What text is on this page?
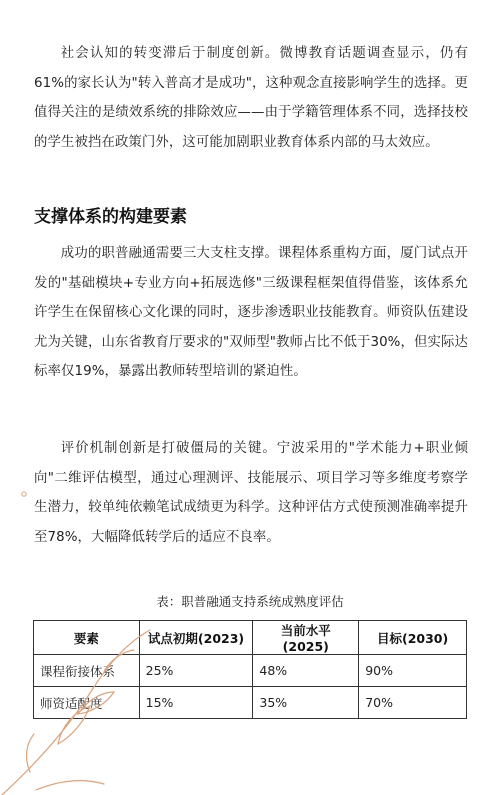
社会认知的转变滞后于制度创新。微博教育话题调查显示，仍有61%的家长认为"转入普高才是成功"，这种观念直接影响学生的选择。更值得关注的是绩效系统的排除效应——由于学籍管理体系不同，选择技校的学生被挡在政策门外，这可能加剧职业教育体系内部的马太效应。

支撑体系的构建要素

成功的职普融通需要三大支柱支撑。课程体系重构方面，厦门试点开发的"基础模块+专业方向+拓展选修"三级课程框架值得借鉴，该体系允许学生在保留核心文化课的同时，逐步渗透职业技能教育。师资队伍建设尤为关键，山东省教育厅要求的"双师型"教师占比不低于30%，但实际达标率仅19%，暴露出教师转型培训的紧迫性。

评价机制创新是打破僵局的关键。宁波采用的"学术能力+职业倾向"二维评估模型，通过心理测评、技能展示、项目学习等多维度考察学生潜力，较单纯依赖笔试成绩更为科学。这种评估方式使预测准确率提升至78%，大幅降低转学后的适应不良率。

表：职普融通支持系统成熟度评估
要素	试点初期(2023)	当前水平(2025)	目标(2030)
课程衔接体系	25%	48%	90%
师资适配度	15%	35%	70%
